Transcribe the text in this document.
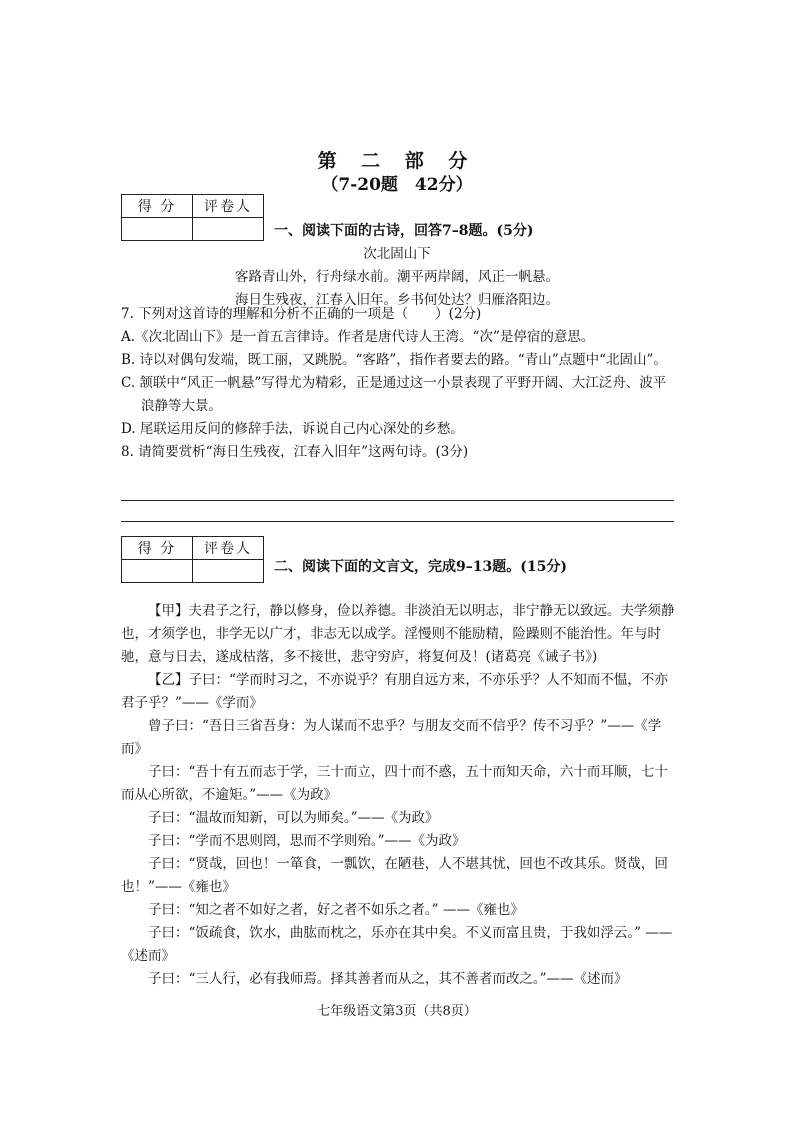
第 二 部 分
（7-20题　42分）
得 分	评卷人

一、阅读下面的古诗，回答7–8题。(5分)
次北固山下
客路青山外，行舟绿水前。潮平两岸阔，风正一帆悬。
海日生残夜，江春入旧年。乡书何处达？归雁洛阳边。

7. 下列对这首诗的理解和分析不正确的一项是（　　）(2分)

A.《次北固山下》是一首五言律诗。作者是唐代诗人王湾。“次”是停宿的意思。

B. 诗以对偶句发端，既工丽，又跳脱。“客路”，指作者要去的路。“青山”点题中“北固山”。

C. 颔联中“风正一帆悬”写得尤为精彩，正是通过这一小景表现了平野开阔、大江泛舟、波平浪静等大景。

D. 尾联运用反问的修辞手法，诉说自己内心深处的乡愁。

8. 请简要赏析“海日生残夜，江春入旧年”这两句诗。(3分)

得 分	评卷人

二、阅读下面的文言文，完成9–13题。(15分)

【甲】夫君子之行，静以修身，俭以养德。非淡泊无以明志，非宁静无以致远。夫学须静也，才须学也，非学无以广才，非志无以成学。淫慢则不能励精，险躁则不能治性。年与时驰，意与日去，遂成枯落，多不接世，悲守穷庐，将复何及！(诸葛亮《诫子书》)

【乙】子曰：“学而时习之，不亦说乎？有朋自远方来，不亦乐乎？人不知而不愠，不亦君子乎？”——《学而》

曾子曰：“吾日三省吾身：为人谋而不忠乎？与朋友交而不信乎？传不习乎？”——《学而》

子曰：“吾十有五而志于学，三十而立，四十而不惑，五十而知天命，六十而耳顺，七十而从心所欲，不逾矩。”——《为政》

子曰：“温故而知新，可以为师矣。”——《为政》

子曰：“学而不思则罔，思而不学则殆。”——《为政》

子曰：“贤哉，回也！一箪食，一瓢饮，在陋巷，人不堪其忧，回也不改其乐。贤哉，回也！”——《雍也》

子曰：“知之者不如好之者，好之者不如乐之者。” ——《雍也》

子曰：“饭疏食，饮水，曲肱而枕之，乐亦在其中矣。不义而富且贵，于我如浮云。” ——《述而》

子曰：“三人行，必有我师焉。择其善者而从之，其不善者而改之。”——《述而》

七年级语文第3页（共8页）
